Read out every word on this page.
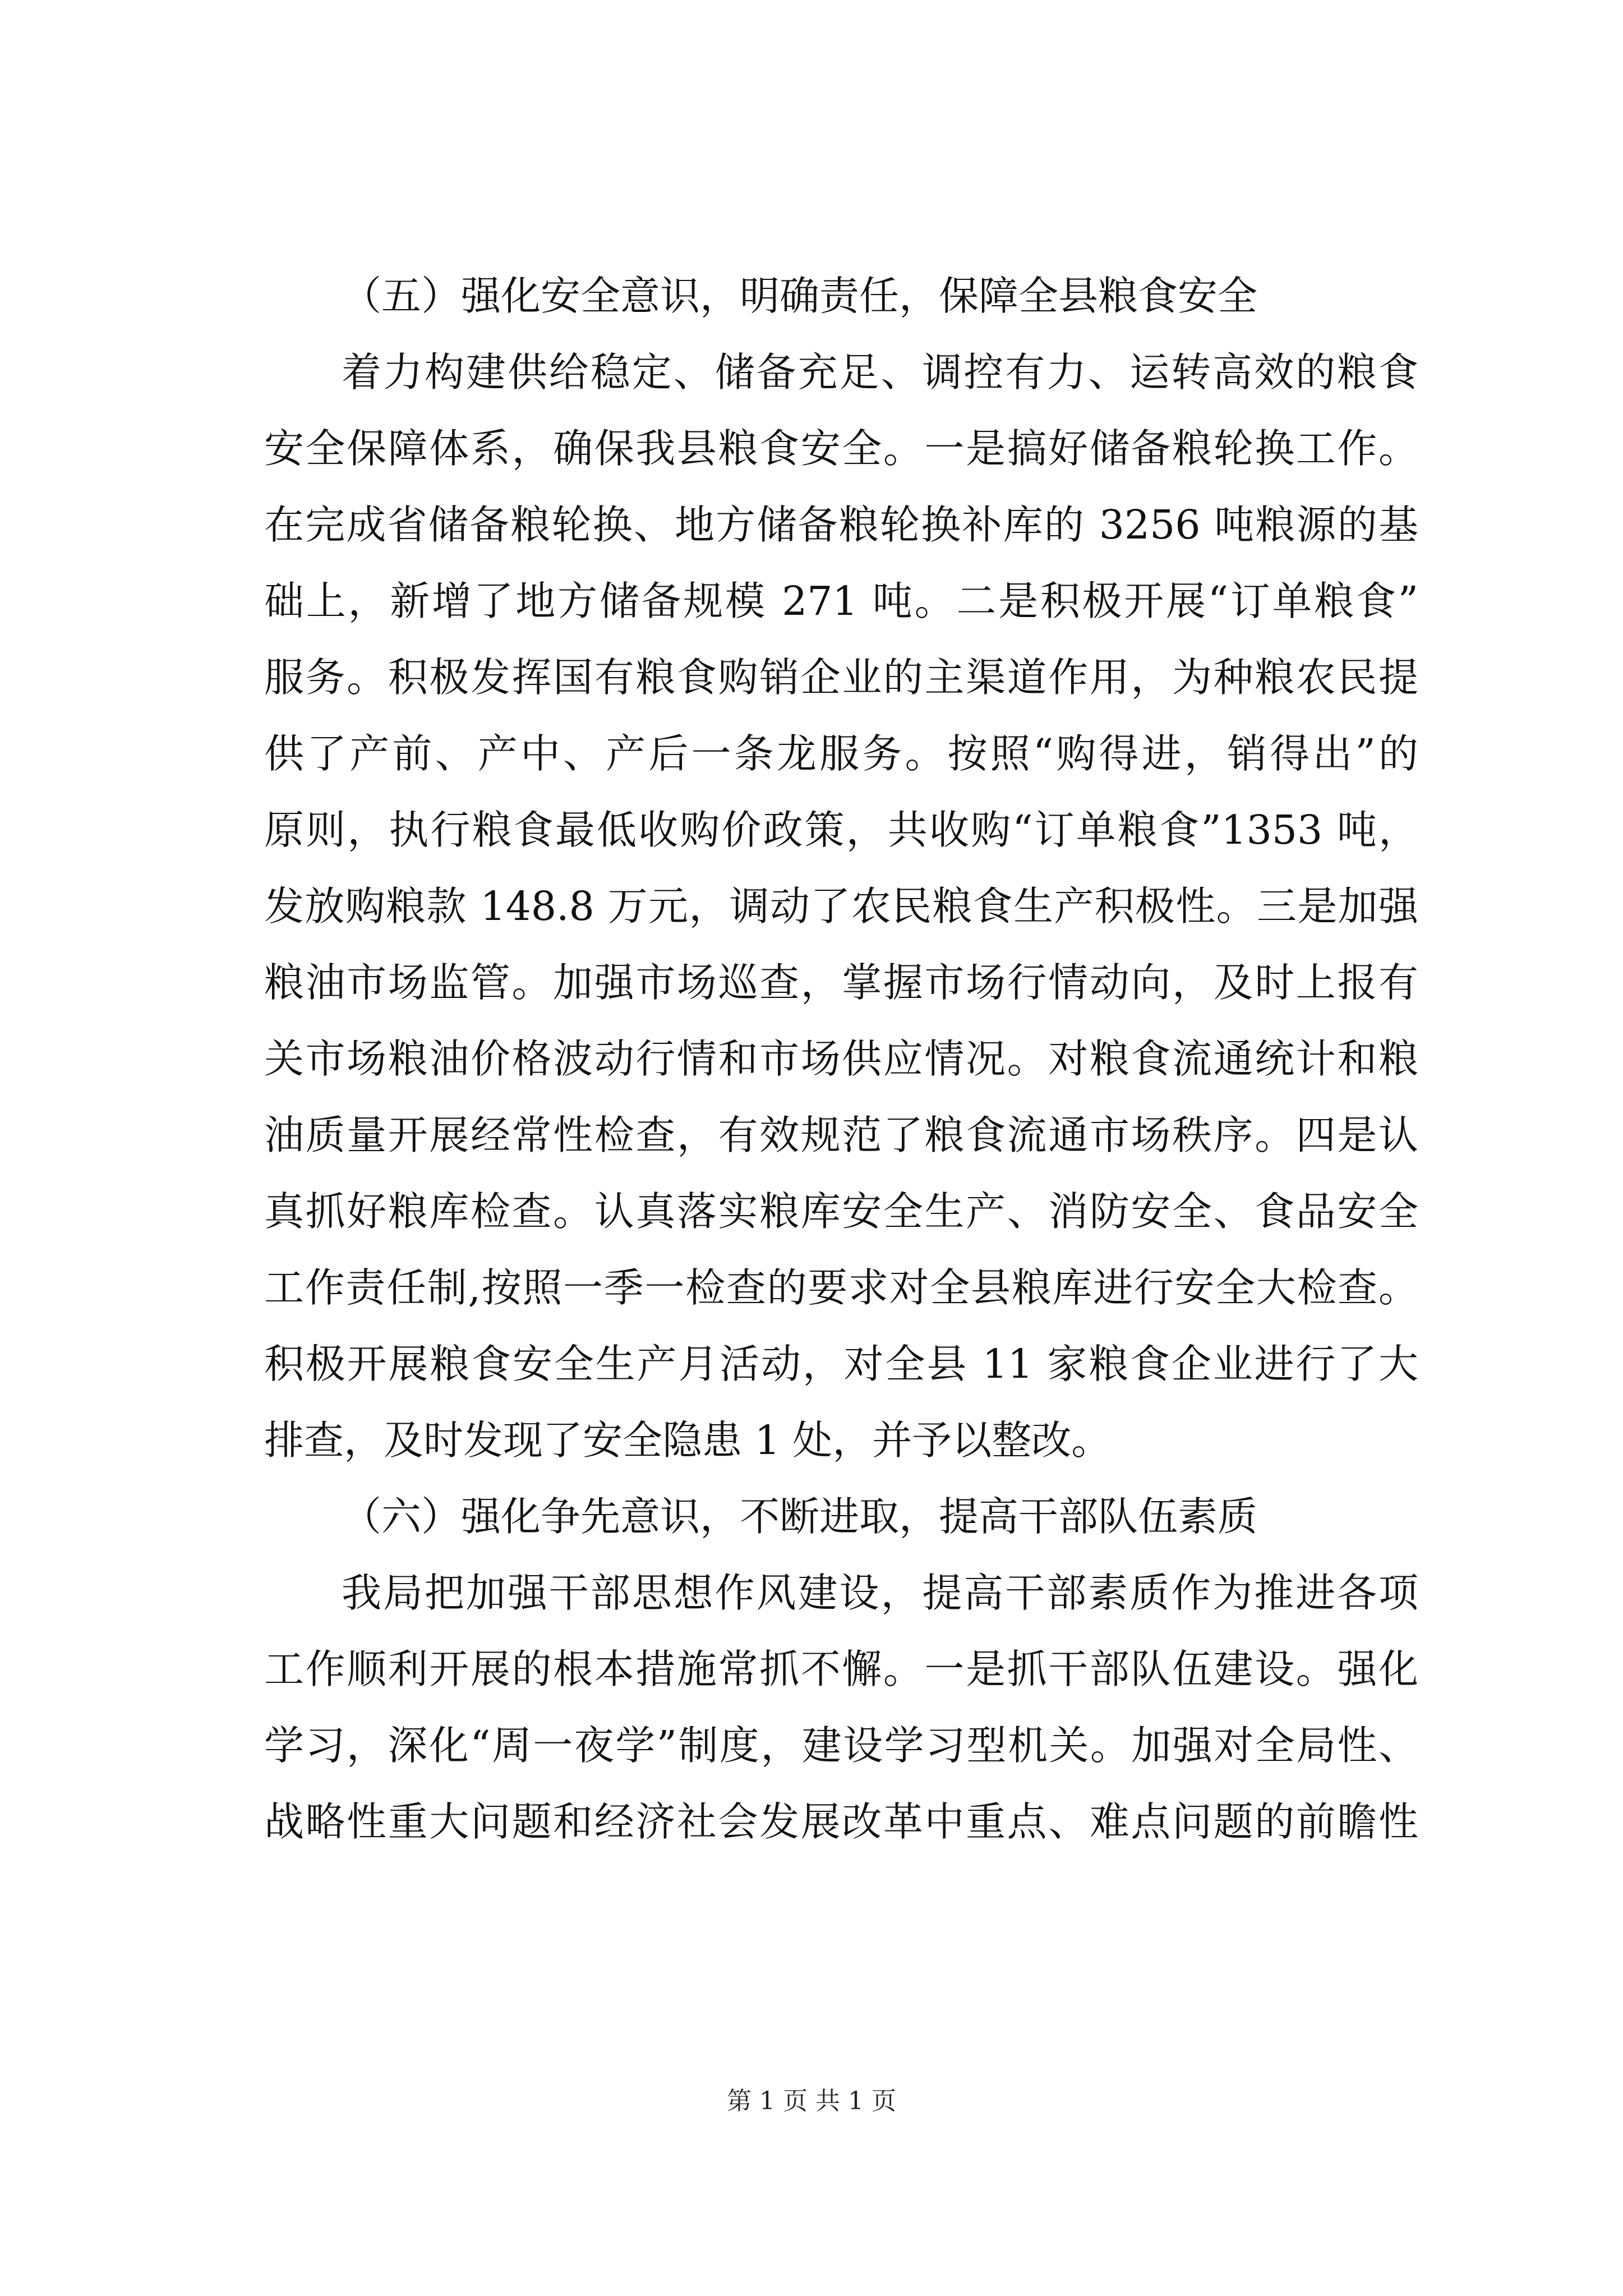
（五）强化安全意识，明确责任，保障全县粮食安全
着力构建供给稳定、储备充足、调控有力、运转高效的粮食
安全保障体系，确保我县粮食安全。一是搞好储备粮轮换工作。
在完成省储备粮轮换、地方储备粮轮换补库的 3256 吨粮源的基
础上，新增了地方储备规模 271 吨。二是积极开展“订单粮食”
服务。积极发挥国有粮食购销企业的主渠道作用，为种粮农民提
供了产前、产中、产后一条龙服务。按照“购得进，销得出”的
原则，执行粮食最低收购价政策，共收购“订单粮食”1353 吨，
发放购粮款 148.8 万元，调动了农民粮食生产积极性。三是加强
粮油市场监管。加强市场巡查，掌握市场行情动向，及时上报有
关市场粮油价格波动行情和市场供应情况。对粮食流通统计和粮
油质量开展经常性检查，有效规范了粮食流通市场秩序。四是认
真抓好粮库检查。认真落实粮库安全生产、消防安全、食品安全
工作责任制,按照一季一检查的要求对全县粮库进行安全大检查。
积极开展粮食安全生产月活动，对全县 11 家粮食企业进行了大
排查，及时发现了安全隐患 1 处，并予以整改。
（六）强化争先意识，不断进取，提高干部队伍素质
我局把加强干部思想作风建设，提高干部素质作为推进各项
工作顺利开展的根本措施常抓不懈。一是抓干部队伍建设。强化
学习，深化“周一夜学”制度，建设学习型机关。加强对全局性、
战略性重大问题和经济社会发展改革中重点、难点问题的前瞻性
第 1 页 共 1 页
